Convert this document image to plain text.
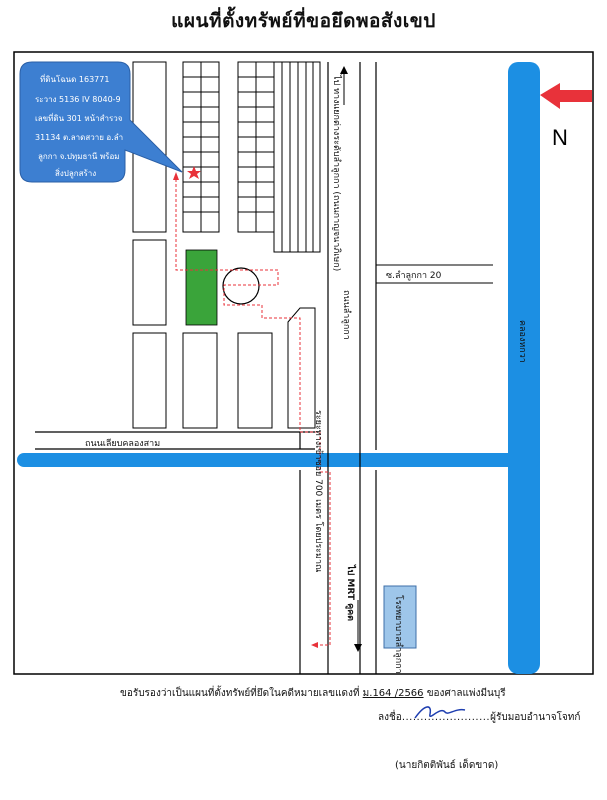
แผนที่ตั้งทรัพย์ที่ขอยึดพอสังเขป
คลองหกวา
N
ถนนลำลูกกา
ไป ทางแยกต่างระดับลำลูกกา (ถนนกาญจนาภิเษก)
ไป MRT คูคต
ซ.ลำลูกกา 20
ถนนเลียบคลองสาม	ระยะทางเข้าซอย 700 เมตร โดยประมาณ
ที่ดินโฉนด 163771
ระวาง 5136 IV 8040-9
เลขที่ดิน 301 หน้าสำรวจ
31134 ต.ลาดสวาย อ.ลำ
ลูกกา จ.ปทุมธานี พร้อม
สิ่งปลูกสร้าง
โรงพยาบาลลำลูกกา
ขอรับรองว่าเป็นแผนที่ตั้งทรัพย์ที่ยึดในคดีหมายเลขแดงที่ ม.164 /2566 ของศาลแพ่งมีนบุรี
ลงชื่อ........................ผู้รับมอบอำนาจโจทก์
(นายกิตติพันธ์ เด็ดขาด)
